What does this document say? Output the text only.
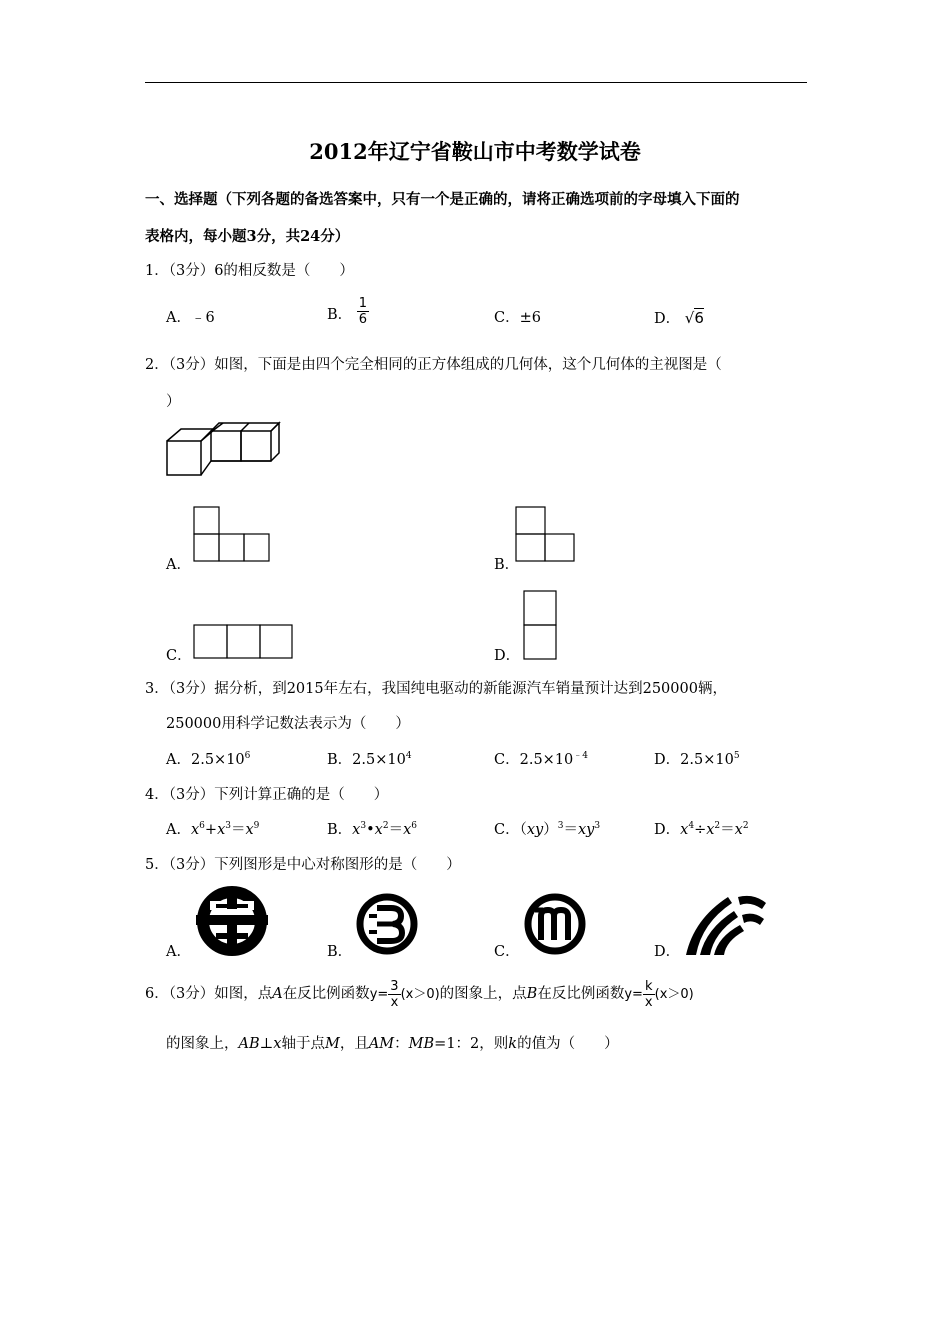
2012年辽宁省鞍山市中考数学试卷
一、选择题（下列各题的备选答案中，只有一个是正确的，请将正确选项前的字母填入下面的
表格内，每小题3分，共24分）
1．（3分）6的相反数是（　　）
A．﹣6	B． $\frac{1}{6}$	C．±6	D． √6
2．（3分）如图，下面是由四个完全相同的正方体组成的几何体，这个几何体的主视图是（
）
A．	B．
C．	D．
3．（3分）据分析，到2015年左右，我国纯电驱动的新能源汽车销量预计达到250000辆，
250000用科学记数法表示为（　　）
A．$2.5\times 10^6$	B．$2.5\times 10^4$	C．$2.5\times 10^{﹣4}$	D．$2.5\times 10^5$
4．（3分）下列计算正确的是（　　）
A．$x^6+x^3=x^9$	B．$x^3•x^2=x^6$	C．$(xy)^3=xy^3$	D．$x^4\div x^2=x^2$
5．（3分）下列图形是中心对称图形的是（　　）
A．	B．	C．	D．
6．（3分）如图，点A在反比例函数$y= \frac{3}{x} (x>0)$的图象上，点B在反比例函数$y= \frac{k}{x} (x>0)$
的图象上，AB⊥x轴于点M，且AM：MB=1：2，则k的值为（　　）
